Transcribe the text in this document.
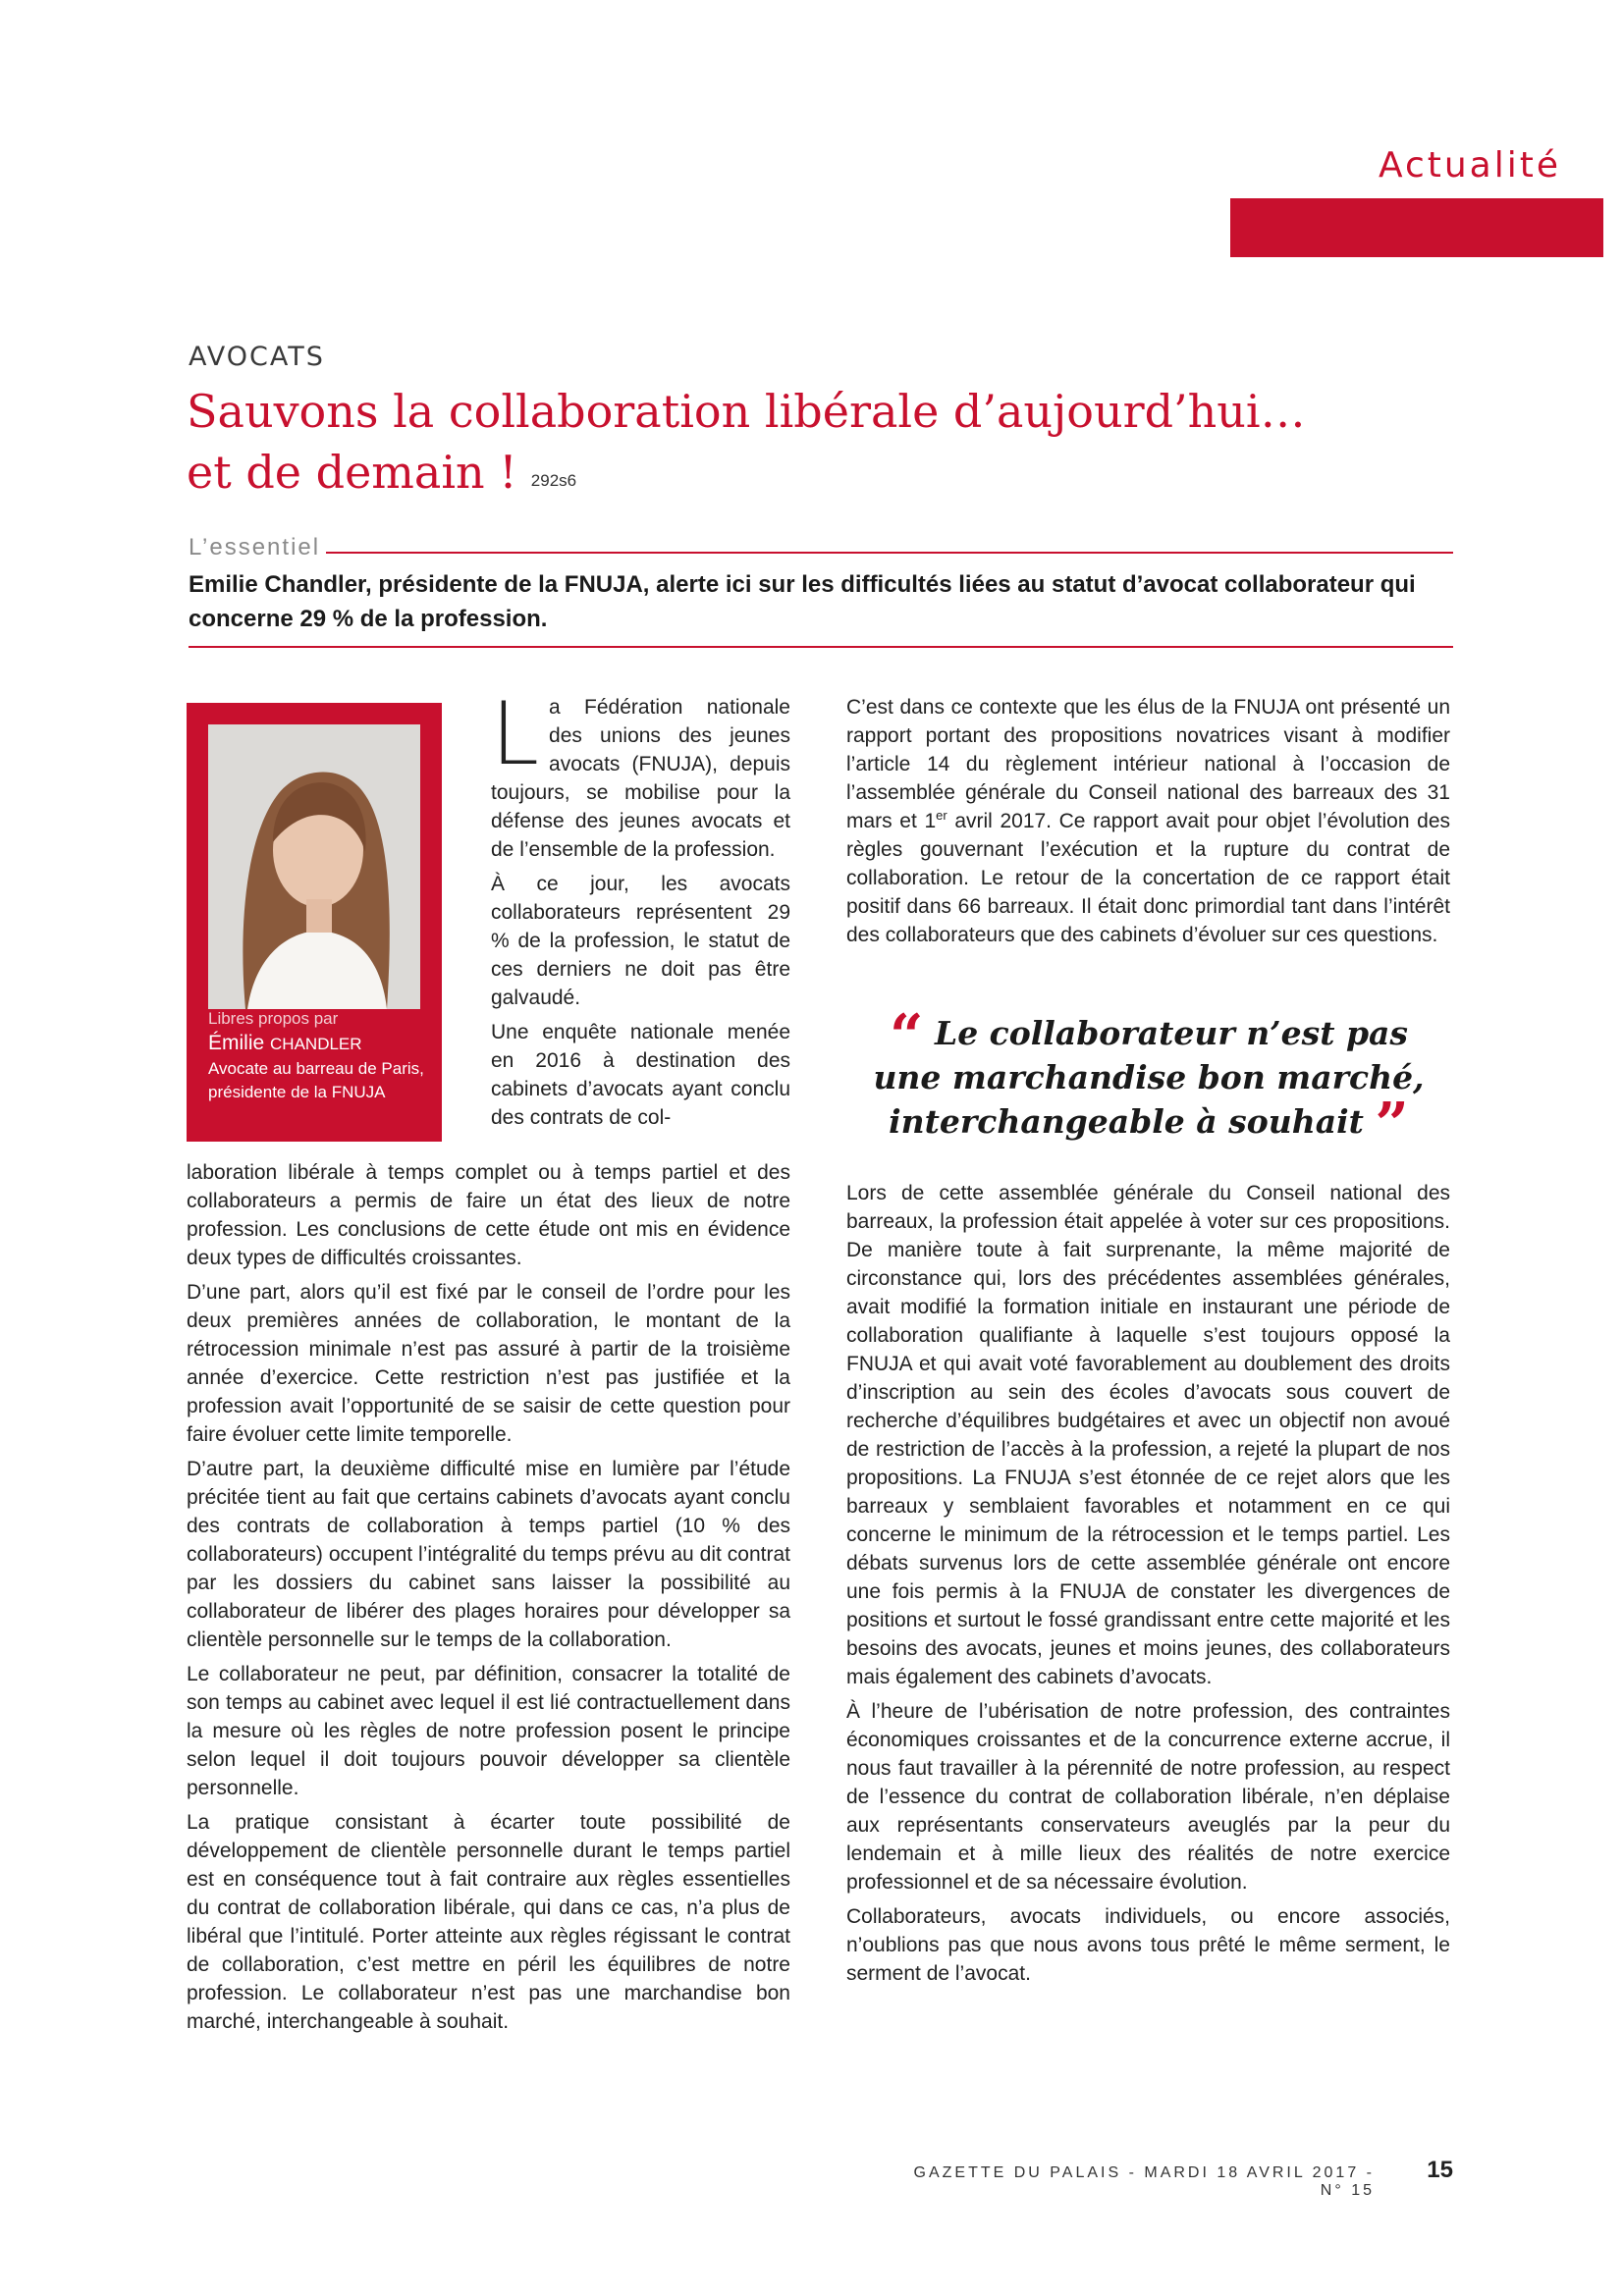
Actualité
AVOCATS
Sauvons la collaboration libérale d’aujourd’hui…
et de demain ! 292s6
L’essentiel
Emilie Chandler, présidente de la FNUJA, alerte ici sur les difficultés liées au statut d’avocat collaborateur qui concerne 29 % de la profession.
Libres propos par
Émilie CHANDLER
Avocate au barreau de Paris, présidente de la FNUJA

La Fédération nationale des unions des jeunes avocats (FNUJA), depuis toujours, se mobilise pour la défense des jeunes avocats et de l’ensemble de la profession.

À ce jour, les avocats collaborateurs représentent 29 % de la profession, le statut de ces derniers ne doit pas être galvaudé.

Une enquête nationale menée en 2016 à destination des cabinets d’avocats ayant conclu des contrats de col-

laboration libérale à temps complet ou à temps partiel et des collaborateurs a permis de faire un état des lieux de notre profession. Les conclusions de cette étude ont mis en évidence deux types de difficultés croissantes.

D’une part, alors qu’il est fixé par le conseil de l’ordre pour les deux premières années de collaboration, le montant de la rétrocession minimale n’est pas assuré à partir de la troisième année d’exercice. Cette restriction n’est pas justifiée et la profession avait l’opportunité de se saisir de cette question pour faire évoluer cette limite temporelle.

D’autre part, la deuxième difficulté mise en lumière par l’étude précitée tient au fait que certains cabinets d’avocats ayant conclu des contrats de collaboration à temps partiel (10 % des collaborateurs) occupent l’intégralité du temps prévu au dit contrat par les dossiers du cabinet sans laisser la possibilité au collaborateur de libérer des plages horaires pour développer sa clientèle personnelle sur le temps de la collaboration.

Le collaborateur ne peut, par définition, consacrer la totalité de son temps au cabinet avec lequel il est lié contractuellement dans la mesure où les règles de notre profession posent le principe selon lequel il doit toujours pouvoir développer sa clientèle personnelle.

La pratique consistant à écarter toute possibilité de développement de clientèle personnelle durant le temps partiel est en conséquence tout à fait contraire aux règles essentielles du contrat de collaboration libérale, qui dans ce cas, n’a plus de libéral que l’intitulé. Porter atteinte aux règles régissant le contrat de collaboration, c’est mettre en péril les équilibres de notre profession. Le collaborateur n’est pas une marchandise bon marché, interchangeable à souhait.

C’est dans ce contexte que les élus de la FNUJA ont présenté un rapport portant des propositions novatrices visant à modifier l’article 14 du règlement intérieur national à l’occasion de l’assemblée générale du Conseil national des barreaux des 31 mars et 1er avril 2017. Ce rapport avait pour objet l’évolution des règles gouvernant l’exécution et la rupture du contrat de collaboration. Le retour de la concertation de ce rapport était positif dans 66 barreaux. Il était donc primordial tant dans l’intérêt des collaborateurs que des cabinets d’évoluer sur ces questions.

“ Le collaborateur n’est pas
une marchandise bon marché,
interchangeable à souhait ”

Lors de cette assemblée générale du Conseil national des barreaux, la profession était appelée à voter sur ces propositions. De manière toute à fait surprenante, la même majorité de circonstance qui, lors des précédentes assemblées générales, avait modifié la formation initiale en instaurant une période de collaboration qualifiante à laquelle s’est toujours opposé la FNUJA et qui avait voté favorablement au doublement des droits d’inscription au sein des écoles d’avocats sous couvert de recherche d’équilibres budgétaires et avec un objectif non avoué de restriction de l’accès à la profession, a rejeté la plupart de nos propositions. La FNUJA s’est étonnée de ce rejet alors que les barreaux y semblaient favorables et notamment en ce qui concerne le minimum de la rétrocession et le temps partiel. Les débats survenus lors de cette assemblée générale ont encore une fois permis à la FNUJA de constater les divergences de positions et surtout le fossé grandissant entre cette majorité et les besoins des avocats, jeunes et moins jeunes, des collaborateurs mais également des cabinets d’avocats.

À l’heure de l’ubérisation de notre profession, des contraintes économiques croissantes et de la concurrence externe accrue, il nous faut travailler à la pérennité de notre profession, au respect de l’essence du contrat de collaboration libérale, n’en déplaise aux représentants conservateurs aveuglés par la peur du lendemain et à mille lieux des réalités de notre exercice professionnel et de sa nécessaire évolution.

Collaborateurs, avocats individuels, ou encore associés, n’oublions pas que nous avons tous prêté le même serment, le serment de l’avocat.

GAZETTE DU PALAIS - MARDI 18 AVRIL 2017 - N° 15
15
